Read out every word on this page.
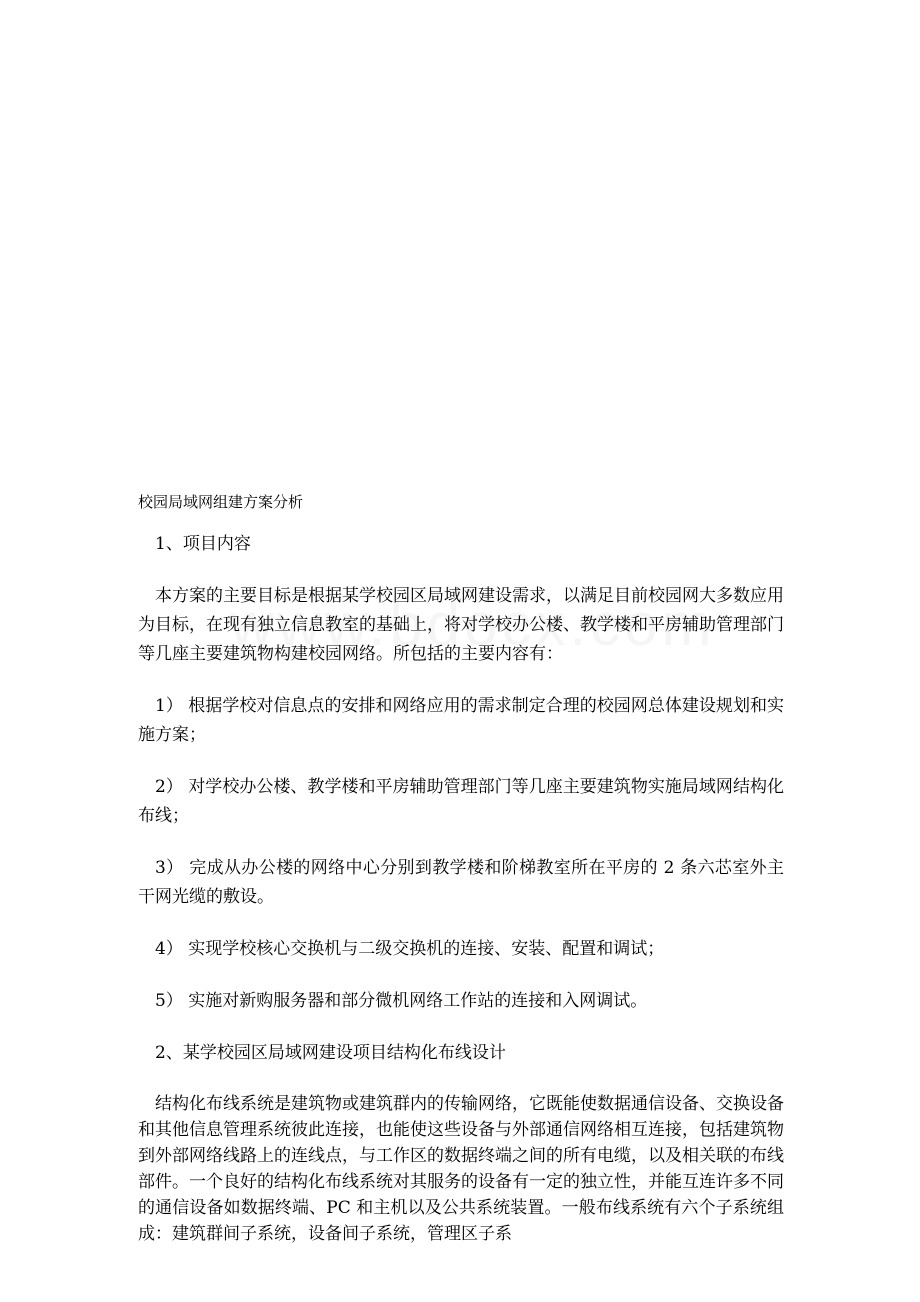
校园局域网组建方案分析

1、项目内容

本方案的主要目标是根据某学校园区局域网建设需求，以满足目前校园网大多数应用为目标，在现有独立信息教室的基础上，将对学校办公楼、教学楼和平房辅助管理部门等几座主要建筑物构建校园网络。所包括的主要内容有：

1） 根据学校对信息点的安排和网络应用的需求制定合理的校园网总体建设规划和实施方案；

2） 对学校办公楼、教学楼和平房辅助管理部门等几座主要建筑物实施局域网结构化布线；

3） 完成从办公楼的网络中心分别到教学楼和阶梯教室所在平房的 2 条六芯室外主干网光缆的敷设。

4） 实现学校核心交换机与二级交换机的连接、安装、配置和调试；

5） 实施对新购服务器和部分微机网络工作站的连接和入网调试。

2、某学校园区局域网建设项目结构化布线设计

结构化布线系统是建筑物或建筑群内的传输网络，它既能使数据通信设备、交换设备和其他信息管理系统彼此连接，也能使这些设备与外部通信网络相互连接，包括建筑物到外部网络线路上的连线点，与工作区的数据终端之间的所有电缆，以及相关联的布线部件。一个良好的结构化布线系统对其服务的设备有一定的独立性，并能互连许多不同的通信设备如数据终端、PC 和主机以及公共系统装置。一般布线系统有六个子系统组成：建筑群间子系统，设备间子系统，管理区子系
